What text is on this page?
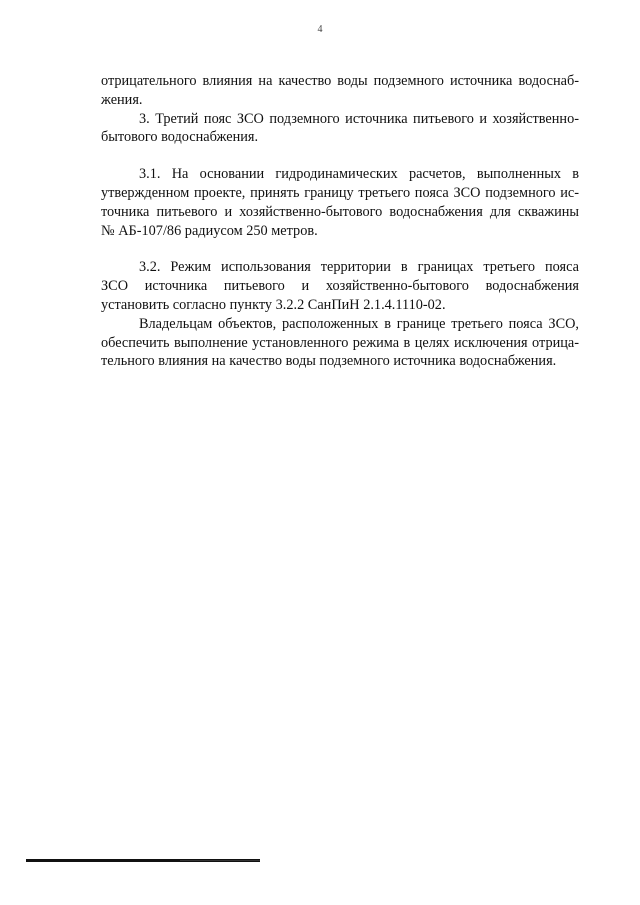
4

отрицательного влияния на качество воды подземного источника водоснаб-
жения.

3. Третий пояс ЗСО подземного источника питьевого и хозяйственно-
бытового водоснабжения.

3.1. На основании гидродинамических расчетов, выполненных в
утвержденном проекте, принять границу третьего пояса ЗСО подземного ис-
точника питьевого и хозяйственно-бытового водоснабжения для скважины
№ АБ-107/86 радиусом 250 метров.

3.2. Режим использования территории в границах третьего пояса
ЗСО источника питьевого и хозяйственно-бытового водоснабжения
установить согласно пункту 3.2.2 СанПиН 2.1.4.1110-02.

Владельцам объектов, расположенных в границе третьего пояса ЗСО,
обеспечить выполнение установленного режима в целях исключения отрица-
тельного влияния на качество воды подземного источника водоснабжения.
